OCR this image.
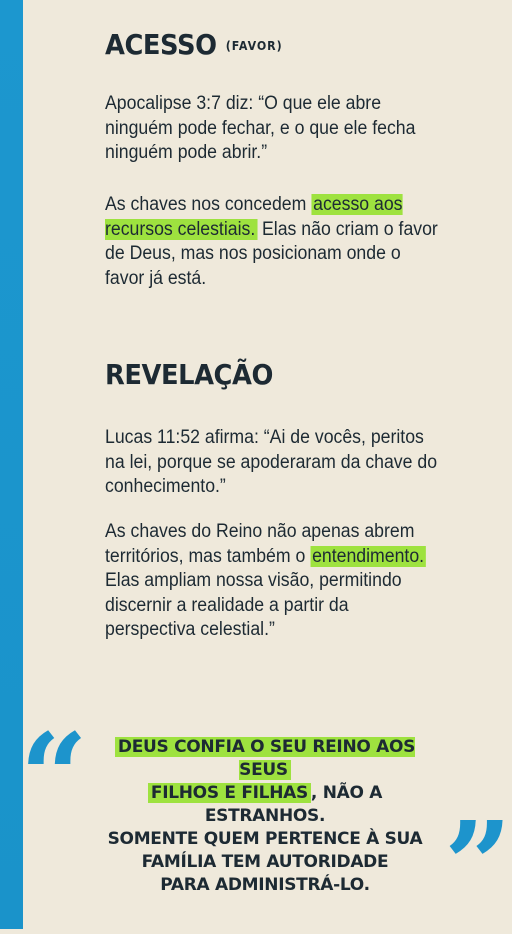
ACESSO (FAVOR)

Apocalipse 3:7 diz: “O que ele abre ninguém pode fechar, e o que ele fecha ninguém pode abrir.”

As chaves nos concedem acesso aos recursos celestiais. Elas não criam o favor de Deus, mas nos posicionam onde o favor já está.

REVELAÇÃO

Lucas 11:52 afirma: “Ai de vocês, peritos na lei, porque se apoderaram da chave do conhecimento.”

As chaves do Reino não apenas abrem territórios, mas também o entendimento. Elas ampliam nossa visão, permitindo discernir a realidade a partir da perspectiva celestial.”

“	DEUS CONFIA O SEU REINO AOS SEUS
FILHOS E FILHAS , NÃO A ESTRANHOS.
SOMENTE QUEM PERTENCE À SUA
FAMÍLIA TEM AUTORIDADE
PARA ADMINISTRÁ-LO. ”
